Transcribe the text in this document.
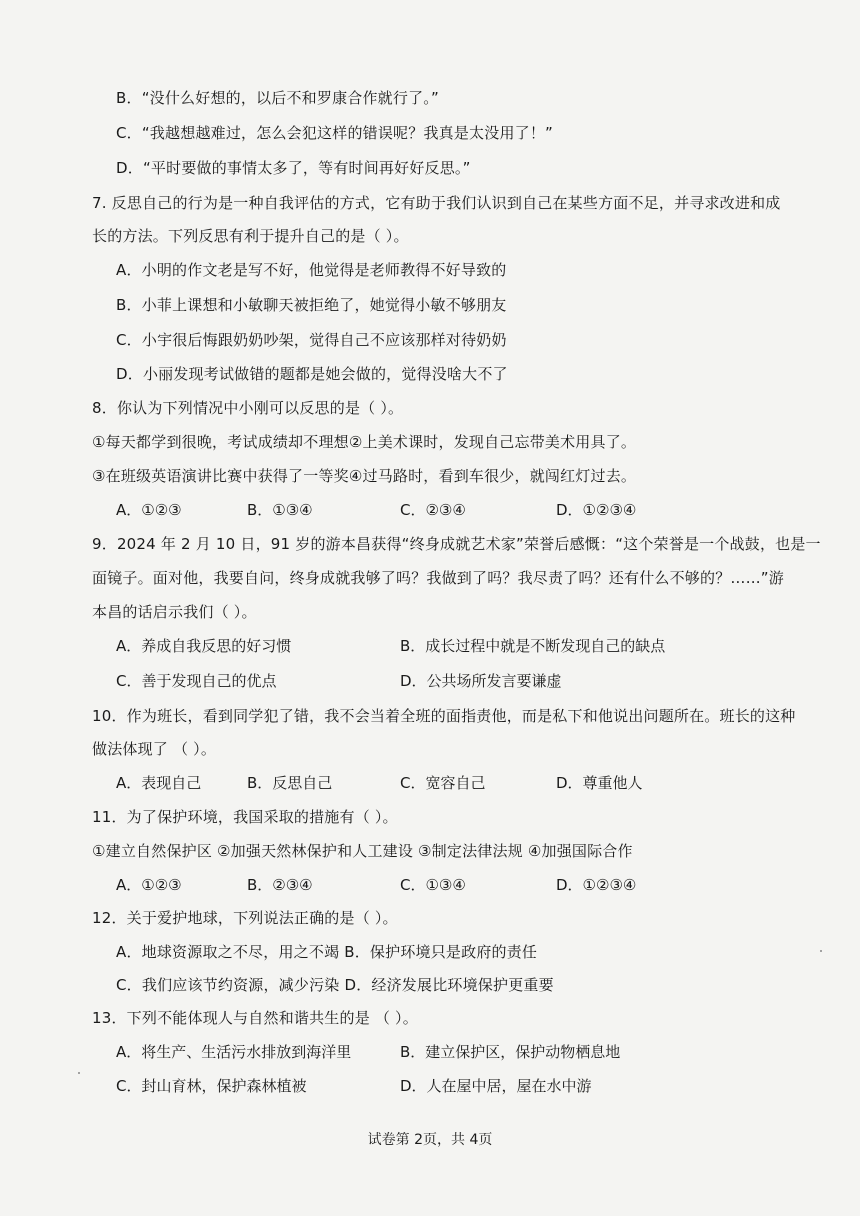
B．“没什么好想的，以后不和罗康合作就行了。”
C．“我越想越难过，怎么会犯这样的错误呢？我真是太没用了！”
D．“平时要做的事情太多了，等有时间再好好反思。”
7. 反思自己的行为是一种自我评估的方式，它有助于我们认识到自己在某些方面不足，并寻求改进和成
长的方法。下列反思有利于提升自己的是（ ）。
A．小明的作文老是写不好，他觉得是老师教得不好导致的
B．小菲上课想和小敏聊天被拒绝了，她觉得小敏不够朋友
C．小宇很后悔跟奶奶吵架，觉得自己不应该那样对待奶奶
D．小丽发现考试做错的题都是她会做的，觉得没啥大不了
8．你认为下列情况中小刚可以反思的是（ ）。
①每天都学到很晚，考试成绩却不理想②上美术课时，发现自己忘带美术用具了。
③在班级英语演讲比赛中获得了一等奖④过马路时，看到车很少，就闯红灯过去。
A．①②③	B．①③④	C．②③④	D．①②③④
9．2024 年 2 月 10 日，91 岁的游本昌获得“终身成就艺术家”荣誉后感慨：“这个荣誉是一个战鼓，也是一
面镜子。面对他，我要自问，终身成就我够了吗？我做到了吗？我尽责了吗？还有什么不够的？……”游
本昌的话启示我们（ ）。
A．养成自我反思的好习惯	B．成长过程中就是不断发现自己的缺点
C．善于发现自己的优点	D．公共场所发言要谦虚
10．作为班长，看到同学犯了错，我不会当着全班的面指责他，而是私下和他说出问题所在。班长的这种
做法体现了 （ ）。
A．表现自己	B．反思自己	C．宽容自己	D．尊重他人
11．为了保护环境，我国采取的措施有（ ）。
①建立自然保护区 ②加强天然林保护和人工建设 ③制定法律法规 ④加强国际合作
A．①②③	B．②③④	C．①③④	D．①②③④
12．关于爱护地球，下列说法正确的是（ ）。
A．地球资源取之不尽，用之不竭 B．保护环境只是政府的责任
C．我们应该节约资源，减少污染 D．经济发展比环境保护更重要
13．下列不能体现人与自然和谐共生的是 （ ）。
A．将生产、生活污水排放到海洋里	B．建立保护区，保护动物栖息地
C．封山育林，保护森林植被	D．人在屋中居，屋在水中游
试卷第 2页，共 4页
